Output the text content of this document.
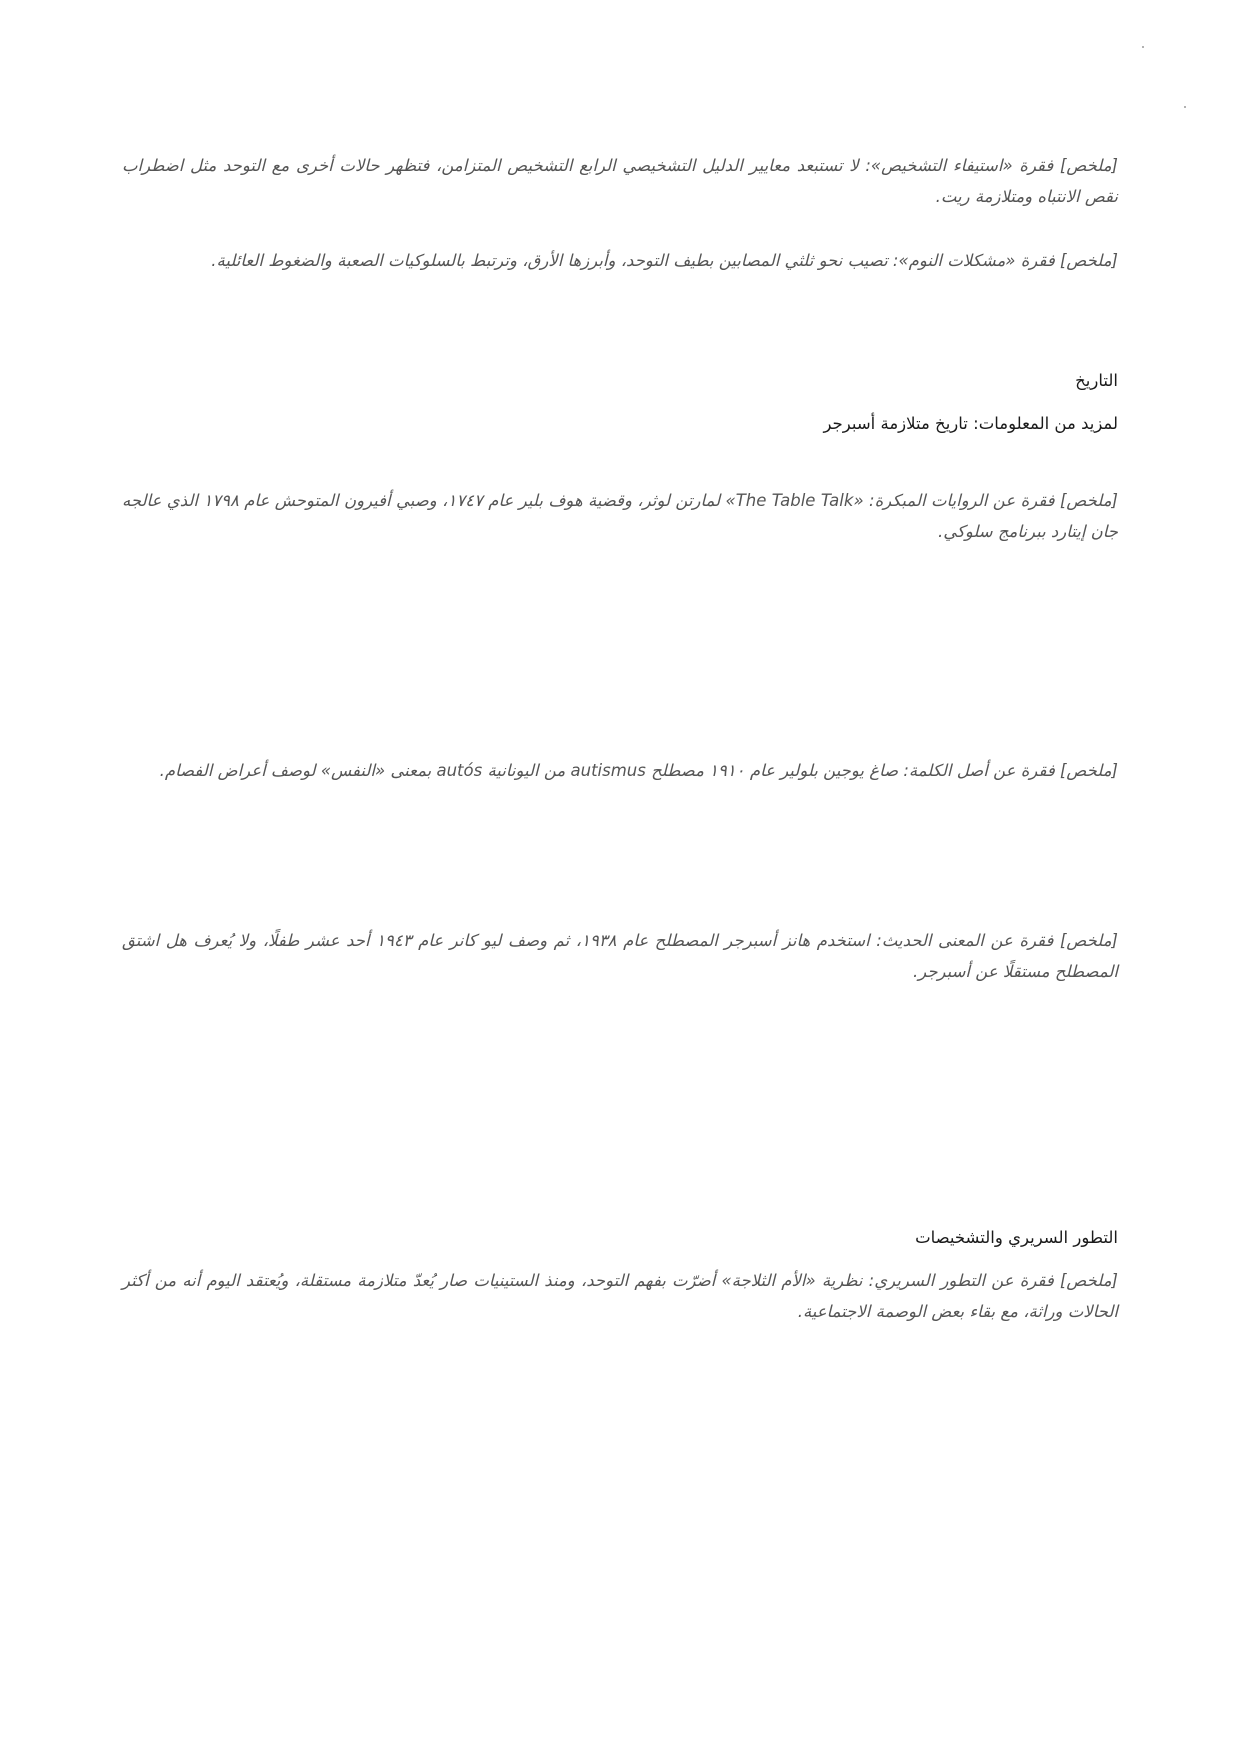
[ملخص] فقرة «استيفاء التشخيص»: لا تستبعد معايير الدليل التشخيصي الرابع التشخيص المتزامن، فتظهر حالات أخرى مع التوحد مثل اضطراب نقص الانتباه ومتلازمة ريت.

[ملخص] فقرة «مشكلات النوم»: تصيب نحو ثلثي المصابين بطيف التوحد، وأبرزها الأرق، وترتبط بالسلوكيات الصعبة والضغوط العائلية.

التاريخ

لمزيد من المعلومات: تاريخ متلازمة أسبرجر

[ملخص] فقرة عن الروايات المبكرة: «The Table Talk» لمارتن لوثر، وقضية هوف بلير عام ١٧٤٧، وصبي أفيرون المتوحش عام ١٧٩٨ الذي عالجه جان إيتارد ببرنامج سلوكي.

[ملخص] فقرة عن أصل الكلمة: صاغ يوجين بلولير عام ١٩١٠ مصطلح autismus من اليونانية autós بمعنى «النفس» لوصف أعراض الفصام.

[ملخص] فقرة عن المعنى الحديث: استخدم هانز أسبرجر المصطلح عام ١٩٣٨، ثم وصف ليو كانر عام ١٩٤٣ أحد عشر طفلًا، ولا يُعرف هل اشتق المصطلح مستقلًا عن أسبرجر.

التطور السريري والتشخيصات

[ملخص] فقرة عن التطور السريري: نظرية «الأم الثلاجة» أضرّت بفهم التوحد، ومنذ الستينيات صار يُعدّ متلازمة مستقلة، ويُعتقد اليوم أنه من أكثر الحالات وراثة، مع بقاء بعض الوصمة الاجتماعية.
